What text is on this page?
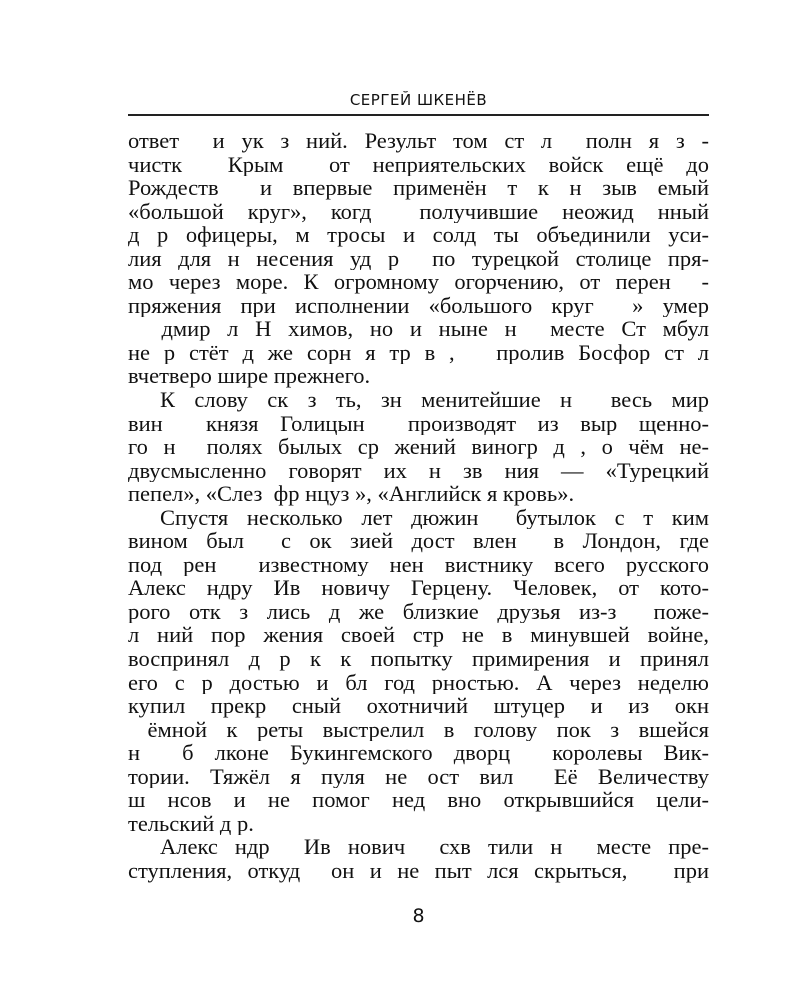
СЕРГЕЙ ШКЕНЁВ
ответ  и ук з ний. Результ том ст л  полн я з -
чистк  Крым  от неприятельских войск ещё до
Рождеств  и впервые применён т к н зыв емый
«большой круг», когд  получившие неожид нный
д р офицеры, м тросы и солд ты объединили уси-
лия для н несения уд р  по турецкой столице пря-
мо через море. К огромному огорчению, от перен  -
пряжения при исполнении «большого круг  » умер
дмир л Н химов, но и ныне н  месте Ст мбул
не р стёт д же сорн я тр в ,   пролив Босфор ст л
вчетверо шире прежнего.
К слову ск з ть, зн менитейшие н  весь мир
вин  князя Голицын  производят из выр щенно-
го н  полях былых ср жений виногр д , о чём не-
двусмысленно говорят их н зв ния — «Турецкий
пепел», «Слез  фр нцуз », «Английск я кровь».
Спустя несколько лет дюжин  бутылок с т ким
вином был  с ок зией дост влен  в Лондон, где
под рен  известному нен вистнику всего русского
Алекс ндру Ив новичу Герцену. Человек, от кото-
рого отк з лись д же близкие друзья из-з  поже-
л ний пор жения своей стр не в минувшей войне,
воспринял д р к к попытку примирения и принял
его с р достью и бл год рностью. А через неделю
купил прекр сный охотничий штуцер и из окн
ёмной к реты выстрелил в голову пок з вшейся
н  б лконе Букингемского дворц  королевы Вик-
тории. Тяжёл я пуля не ост вил  Её Величеству
ш нсов и не помог нед вно открывшийся цели-
тельский д р.
Алекс ндр  Ив нович  схв тили н  месте пре-
ступления, откуд  он и не пыт лся скрыться,   при
8
